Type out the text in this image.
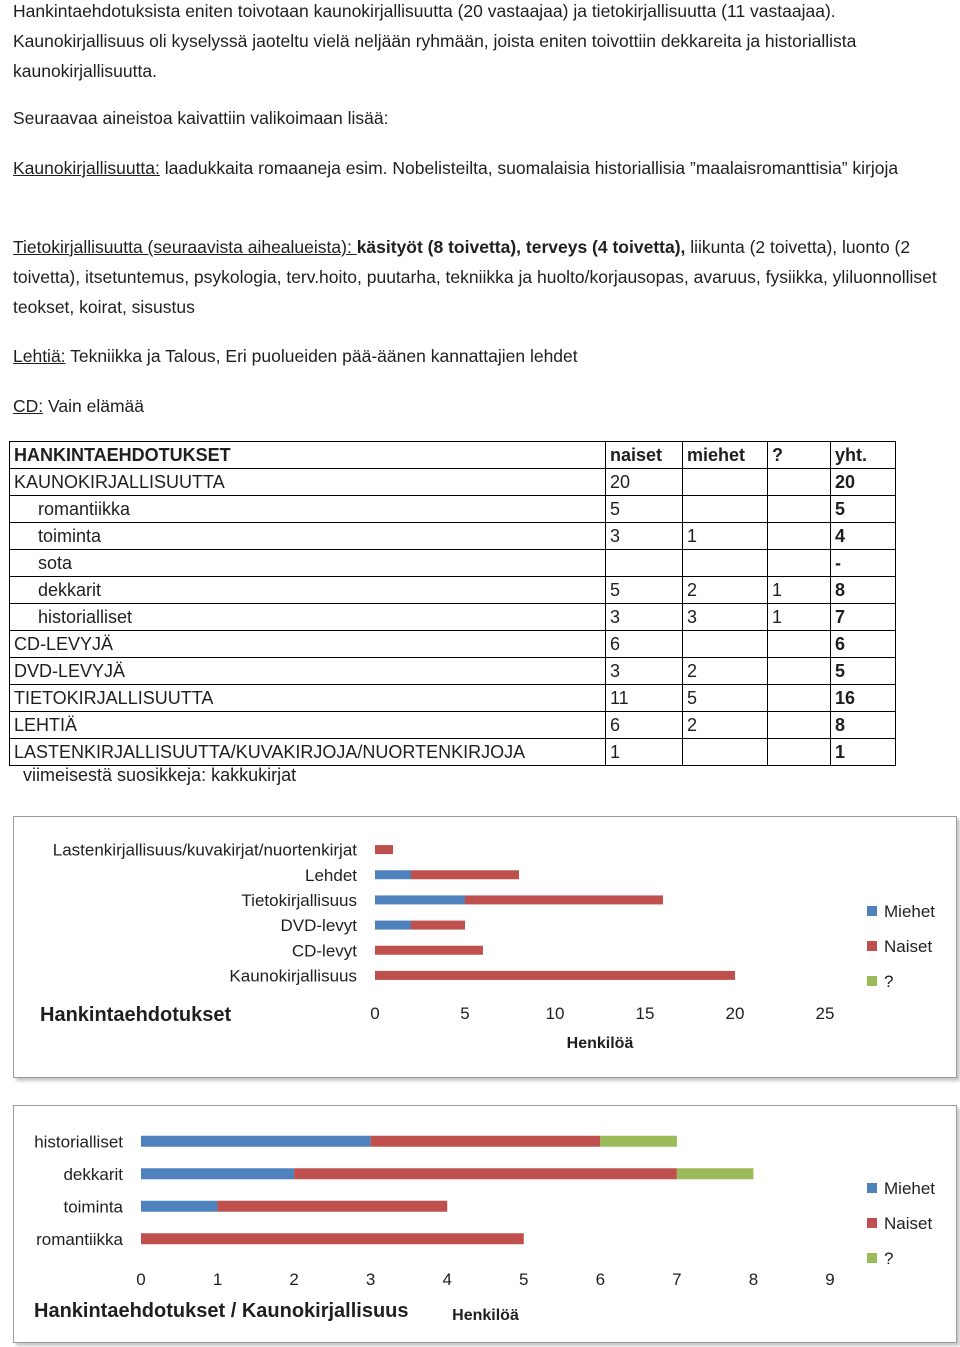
Hankintaehdotuksista eniten toivotaan kaunokirjallisuutta (20 vastaajaa) ja tietokirjallisuutta (11 vastaajaa). Kaunokirjallisuus oli kyselyssä jaoteltu vielä neljään ryhmään, joista eniten toivottiin dekkareita ja historiallista kaunokirjallisuutta.

Seuraavaa aineistoa kaivattiin valikoimaan lisää:

Kaunokirjallisuutta: laadukkaita romaaneja esim. Nobelisteilta, suomalaisia historiallisia ”maalaisromanttisia” kirjoja

Tietokirjallisuutta (seuraavista aihealueista): käsityöt (8 toivetta), terveys (4 toivetta), liikunta (2 toivetta), luonto (2 toivetta), itsetuntemus, psykologia, terv.hoito, puutarha, tekniikka ja huolto/korjausopas, avaruus, fysiikka, yliluonnolliset teokset, koirat, sisustus

Lehtiä: Tekniikka ja Talous, Eri puolueiden pää-äänen kannattajien lehdet

CD: Vain elämää

HANKINTAEHDOTUKSET	naiset	miehet	?	yht.
KAUNOKIRJALLISUUTTA	20			20
romantiikka	5			5
toiminta	3	1		4
sota				-
dekkarit	5	2	1	8
historialliset	3	3	1	7
CD-LEVYJÄ	6			6
DVD-LEVYJÄ	3	2		5
TIETOKIRJALLISUUTTA	11	5		16
LEHTIÄ	6	2		8
LASTENKIRJALLISUUTTA/KUVAKIRJOJA/NUORTENKIRJOJA	1			1
viimeisestä suosikkeja: kakkukirjat
Lastenkirjallisuus/kuvakirjat/nuortenkirjat
Lehdet
Tietokirjallisuus
DVD-levyt
CD-levyt
Kaunokirjallisuus
0	5	10	15	20	25
Henkilöä
Hankintaehdotukset
Miehet
Naiset
?
historialliset
dekkarit
toiminta
romantiikka
0	1	2	3	4	5	6	7	8	9
Henkilöä
Hankintaehdotukset / Kaunokirjallisuus
Miehet
Naiset
?
